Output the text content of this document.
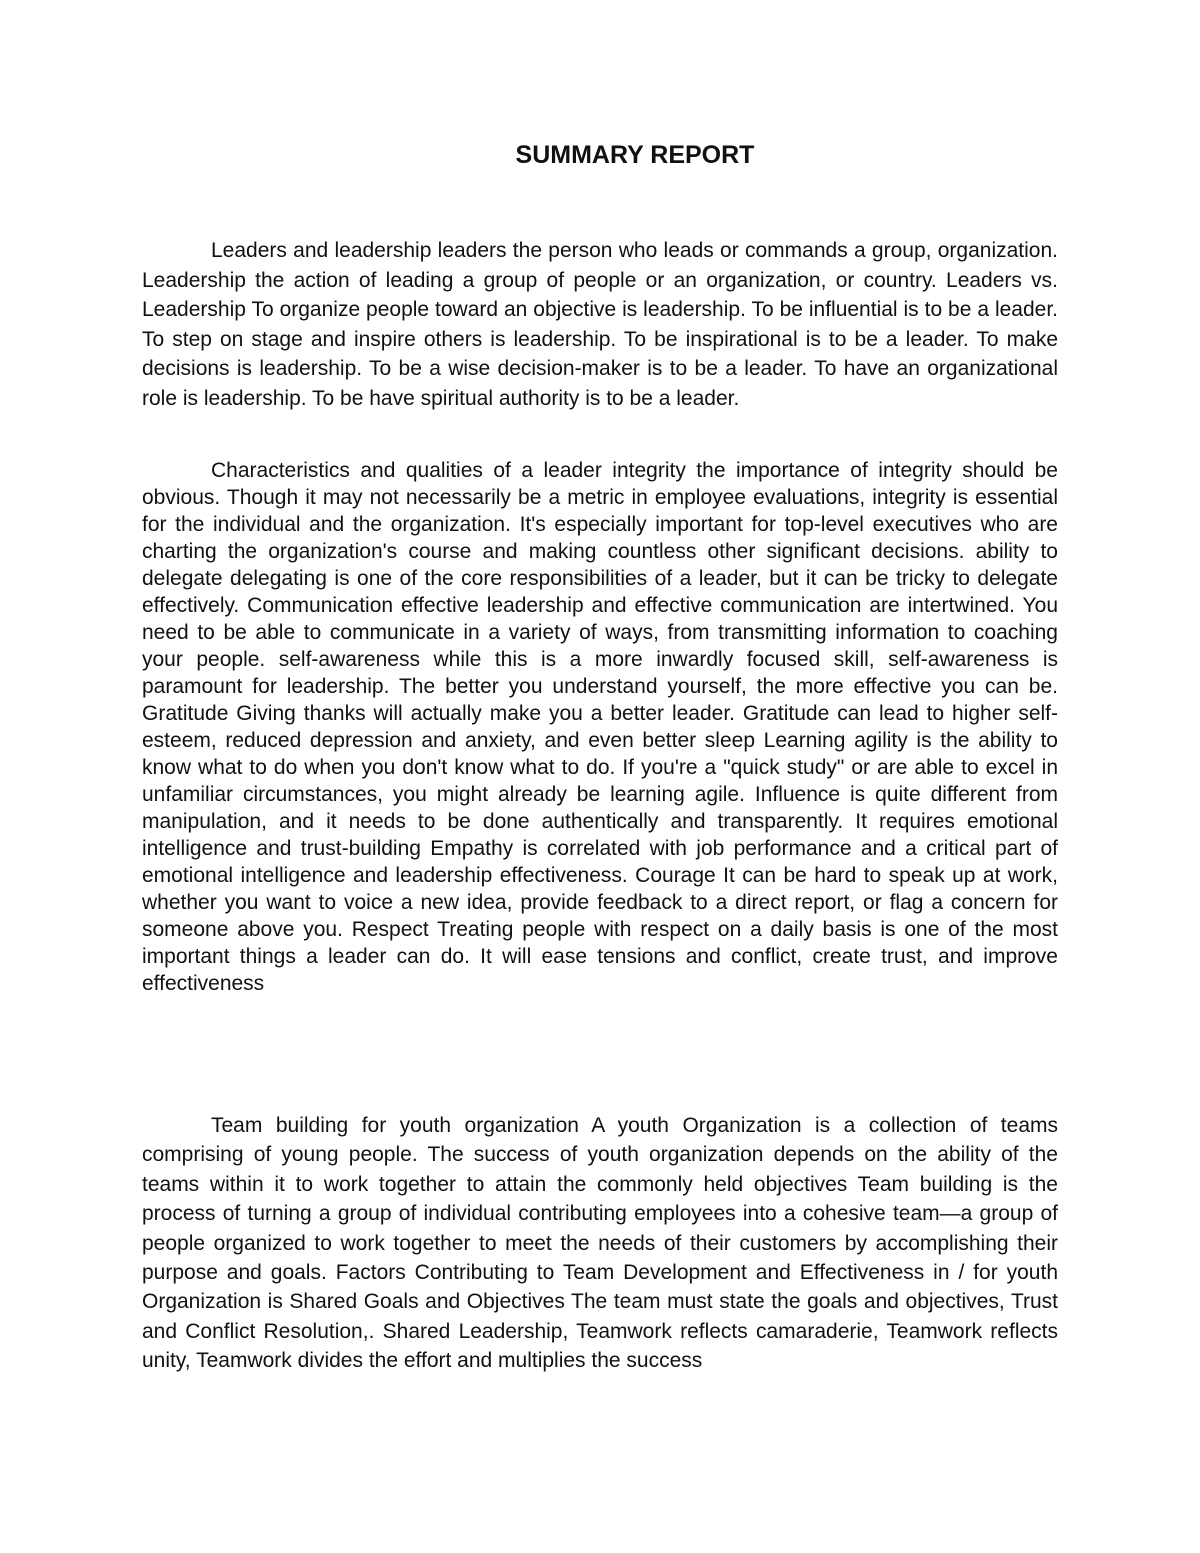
SUMMARY REPORT

Leaders and leadership leaders the person who leads or commands a group, organization. Leadership the action of leading a group of people or an organization, or country. Leaders vs. Leadership To organize people toward an objective is leadership. To be influential is to be a leader. To step on stage and inspire others is leadership. To be inspirational is to be a leader. To make decisions is leadership. To be a wise decision-maker is to be a leader. To have an organizational role is leadership. To be have spiritual authority is to be a leader.

Characteristics and qualities of a leader integrity the importance of integrity should be obvious. Though it may not necessarily be a metric in employee evaluations, integrity is essential for the individual and the organization. It's especially important for top-level executives who are charting the organization's course and making countless other significant decisions. ability to delegate delegating is one of the core responsibilities of a leader, but it can be tricky to delegate effectively. Communication effective leadership and effective communication are intertwined. You need to be able to communicate in a variety of ways, from transmitting information to coaching your people. self-awareness while this is a more inwardly focused skill, self-awareness is paramount for leadership. The better you understand yourself, the more effective you can be. Gratitude Giving thanks will actually make you a better leader. Gratitude can lead to higher self-esteem, reduced depression and anxiety, and even better sleep Learning agility is the ability to know what to do when you don't know what to do. If you're a "quick study" or are able to excel in unfamiliar circumstances, you might already be learning agile. Influence is quite different from manipulation, and it needs to be done authentically and transparently. It requires emotional intelligence and trust-building Empathy is correlated with job performance and a critical part of emotional intelligence and leadership effectiveness. Courage It can be hard to speak up at work, whether you want to voice a new idea, provide feedback to a direct report, or flag a concern for someone above you. Respect Treating people with respect on a daily basis is one of the most important things a leader can do. It will ease tensions and conflict, create trust, and improve effectiveness

Team building for youth organization A youth Organization is a collection of teams comprising of young people. The success of youth organization depends on the ability of the teams within it to work together to attain the commonly held objectives Team building is the process of turning a group of individual contributing employees into a cohesive team—a group of people organized to work together to meet the needs of their customers by accomplishing their purpose and goals. Factors Contributing to Team Development and Effectiveness in / for youth Organization is Shared Goals and Objectives The team must state the goals and objectives, Trust and Conflict Resolution,. Shared Leadership, Teamwork reflects camaraderie, Teamwork reflects unity, Teamwork divides the effort and multiplies the success
